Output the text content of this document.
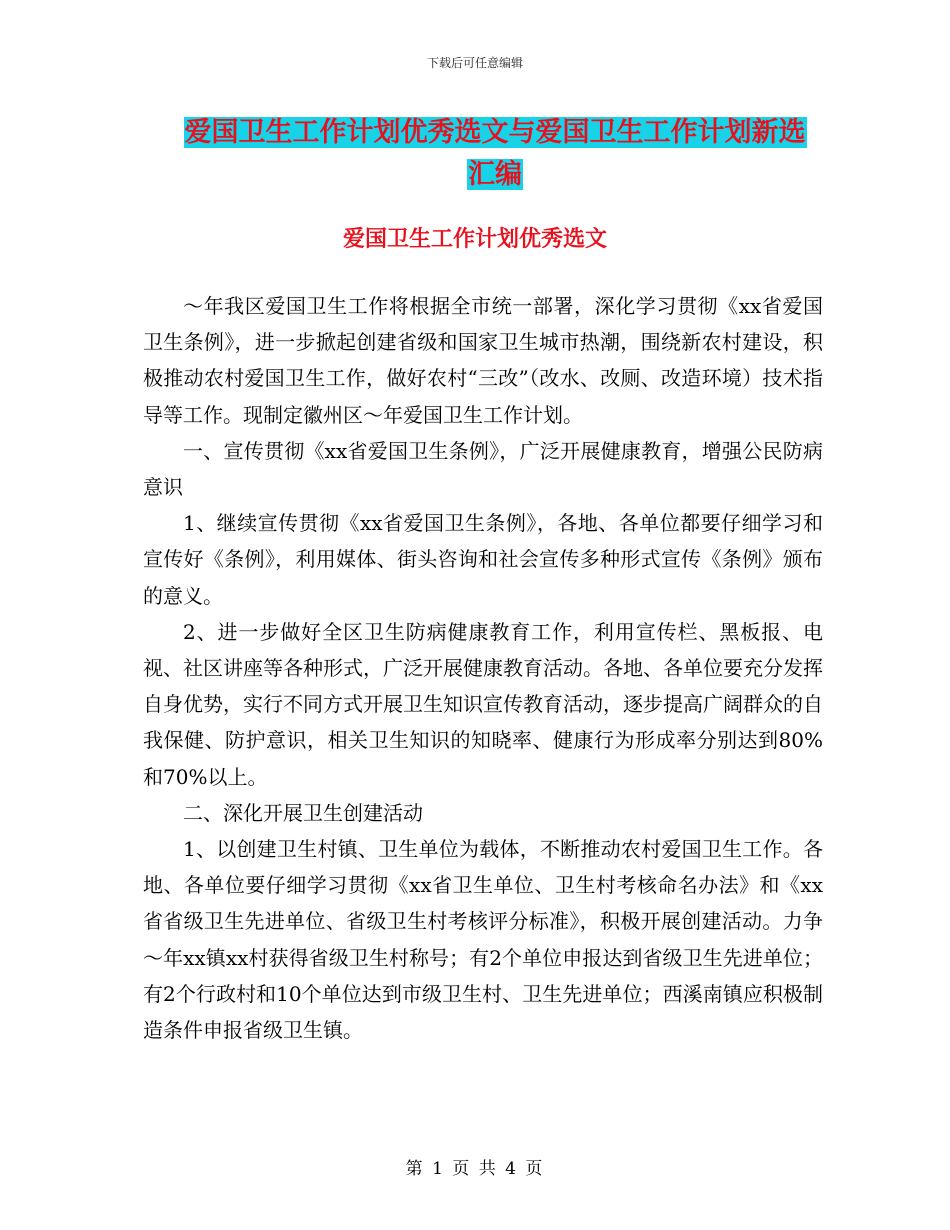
下载后可任意编辑
爱国卫生工作计划优秀选文与爱国卫生工作计划新选
汇编
爱国卫生工作计划优秀选文

～年我区爱国卫生工作将根据全市统一部署，深化学习贯彻《xx省爱国卫生条例》，进一步掀起创建省级和国家卫生城市热潮，围绕新农村建设，积极推动农村爱国卫生工作，做好农村“三改”（改水、改厕、改造环境）技术指导等工作。现制定徽州区～年爱国卫生工作计划。

一、宣传贯彻《xx省爱国卫生条例》，广泛开展健康教育，增强公民防病意识

1、继续宣传贯彻《xx省爱国卫生条例》，各地、各单位都要仔细学习和宣传好《条例》，利用媒体、街头咨询和社会宣传多种形式宣传《条例》颁布的意义。

2、进一步做好全区卫生防病健康教育工作，利用宣传栏、黑板报、电视、社区讲座等各种形式，广泛开展健康教育活动。各地、各单位要充分发挥自身优势，实行不同方式开展卫生知识宣传教育活动，逐步提高广阔群众的自我保健、防护意识，相关卫生知识的知晓率、健康行为形成率分别达到80%和70%以上。

二、深化开展卫生创建活动

1、以创建卫生村镇、卫生单位为载体，不断推动农村爱国卫生工作。各地、各单位要仔细学习贯彻《xx省卫生单位、卫生村考核命名办法》和《xx省省级卫生先进单位、省级卫生村考核评分标准》，积极开展创建活动。力争～年xx镇xx村获得省级卫生村称号；有2个单位申报达到省级卫生先进单位；有2个行政村和10个单位达到市级卫生村、卫生先进单位；西溪南镇应积极制造条件申报省级卫生镇。

第 1 页 共 4 页
